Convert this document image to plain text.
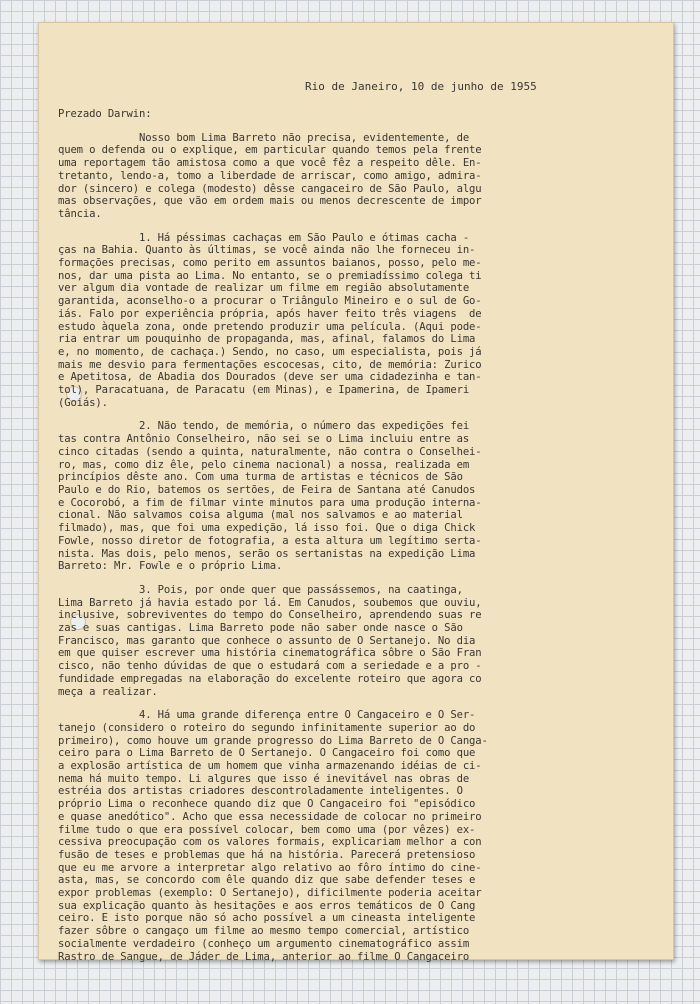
Rio de Janeiro, 10 de junho de 1955
Prezado Darwin:
Nosso bom Lima Barreto não precisa, evidentemente, de
quem o defenda ou o explique, em particular quando temos pela frente
uma reportagem tão amistosa como a que você fêz a respeito dêle. En-
tretanto, lendo-a, tomo a liberdade de arriscar, como amigo, admira-
dor (sincero) e colega (modesto) dêsse cangaceiro de São Paulo, algu
mas observações, que vão em ordem mais ou menos decrescente de impor
tância.
1. Há péssimas cachaças em São Paulo e ótimas cacha -
ças na Bahia. Quanto às últimas, se você ainda não lhe forneceu in-
formações precisas, como perito em assuntos baianos, posso, pelo me-
nos, dar uma pista ao Lima. No entanto, se o premiadíssimo colega ti
ver algum dia vontade de realizar um filme em região absolutamente
garantida, aconselho-o a procurar o Triângulo Mineiro e o sul de Go-
iás. Falo por experiência própria, após haver feito três viagens  de
estudo àquela zona, onde pretendo produzir uma película. (Aqui pode-
ria entrar um pouquinho de propaganda, mas, afinal, falamos do Lima
e, no momento, de cachaça.) Sendo, no caso, um especialista, pois já
mais me desvio para fermentações escocesas, cito, de memória: Zurico
e Apetitosa, de Abadia dos Dourados (deve ser uma cidadezinha e tan-
tol), Paracatuana, de Paracatu (em Minas), e Ipamerina, de Ipameri
(Goiás).
2. Não tendo, de memória, o número das expedições fei
tas contra Antônio Conselheiro, não sei se o Lima incluiu entre as
cinco citadas (sendo a quinta, naturalmente, não contra o Conselhei-
ro, mas, como diz êle, pelo cinema nacional) a nossa, realizada em
princípios dêste ano. Com uma turma de artistas e técnicos de São
Paulo e do Rio, batemos os sertões, de Feira de Santana até Canudos
e Cocorobó, a fim de filmar vinte minutos para uma produção interna-
cional. Não salvamos coisa alguma (mal nos salvamos e ao material
filmado), mas, que foi uma expedição, lá isso foi. Que o diga Chick
Fowle, nosso diretor de fotografia, a esta altura um legítimo serta-
nista. Mas dois, pelo menos, serão os sertanistas na expedição Lima
Barreto: Mr. Fowle e o próprio Lima.
3. Pois, por onde quer que passássemos, na caatinga,
Lima Barreto já havia estado por lá. Em Canudos, soubemos que ouviu,
inclusive, sobreviventes do tempo do Conselheiro, aprendendo suas re
zas e suas cantigas. Lima Barreto pode não saber onde nasce o São
Francisco, mas garanto que conhece o assunto de O Sertanejo. No dia
em que quiser escrever uma história cinematográfica sôbre o São Fran
cisco, não tenho dúvidas de que o estudará com a seriedade e a pro -
fundidade empregadas na elaboração do excelente roteiro que agora co
meça a realizar.
4. Há uma grande diferença entre O Cangaceiro e O Ser-
tanejo (considero o roteiro do segundo infinitamente superior ao do
primeiro), como houve um grande progresso do Lima Barreto de O Canga-
ceiro para o Lima Barreto de O Sertanejo. O Cangaceiro foi como que
a explosão artística de um homem que vinha armazenando idéias de ci-
nema há muito tempo. Li algures que isso é inevitável nas obras de
estréia dos artistas criadores descontroladamente inteligentes. O
próprio Lima o reconhece quando diz que O Cangaceiro foi "episódico
e quase anedótico". Acho que essa necessidade de colocar no primeiro
filme tudo o que era possível colocar, bem como uma (por vêzes) ex-
cessiva preocupação com os valores formais, explicariam melhor a con
fusão de teses e problemas que há na história. Parecerá pretensioso
que eu me arvore a interpretar algo relativo ao fôro íntimo do cine-
asta, mas, se concordo com êle quando diz que sabe defender teses e
expor problemas (exemplo: O Sertanejo), dificilmente poderia aceitar
sua explicação quanto às hesitações e aos erros temáticos de O Cang
ceiro. E isto porque não só acho possível a um cineasta inteligente
fazer sôbre o cangaço um filme ao mesmo tempo comercial, artístico
socialmente verdadeiro (conheço um argumento cinematográfico assim
Rastro de Sangue, de Jáder de Lima, anterior ao filme O Cangaceiro
